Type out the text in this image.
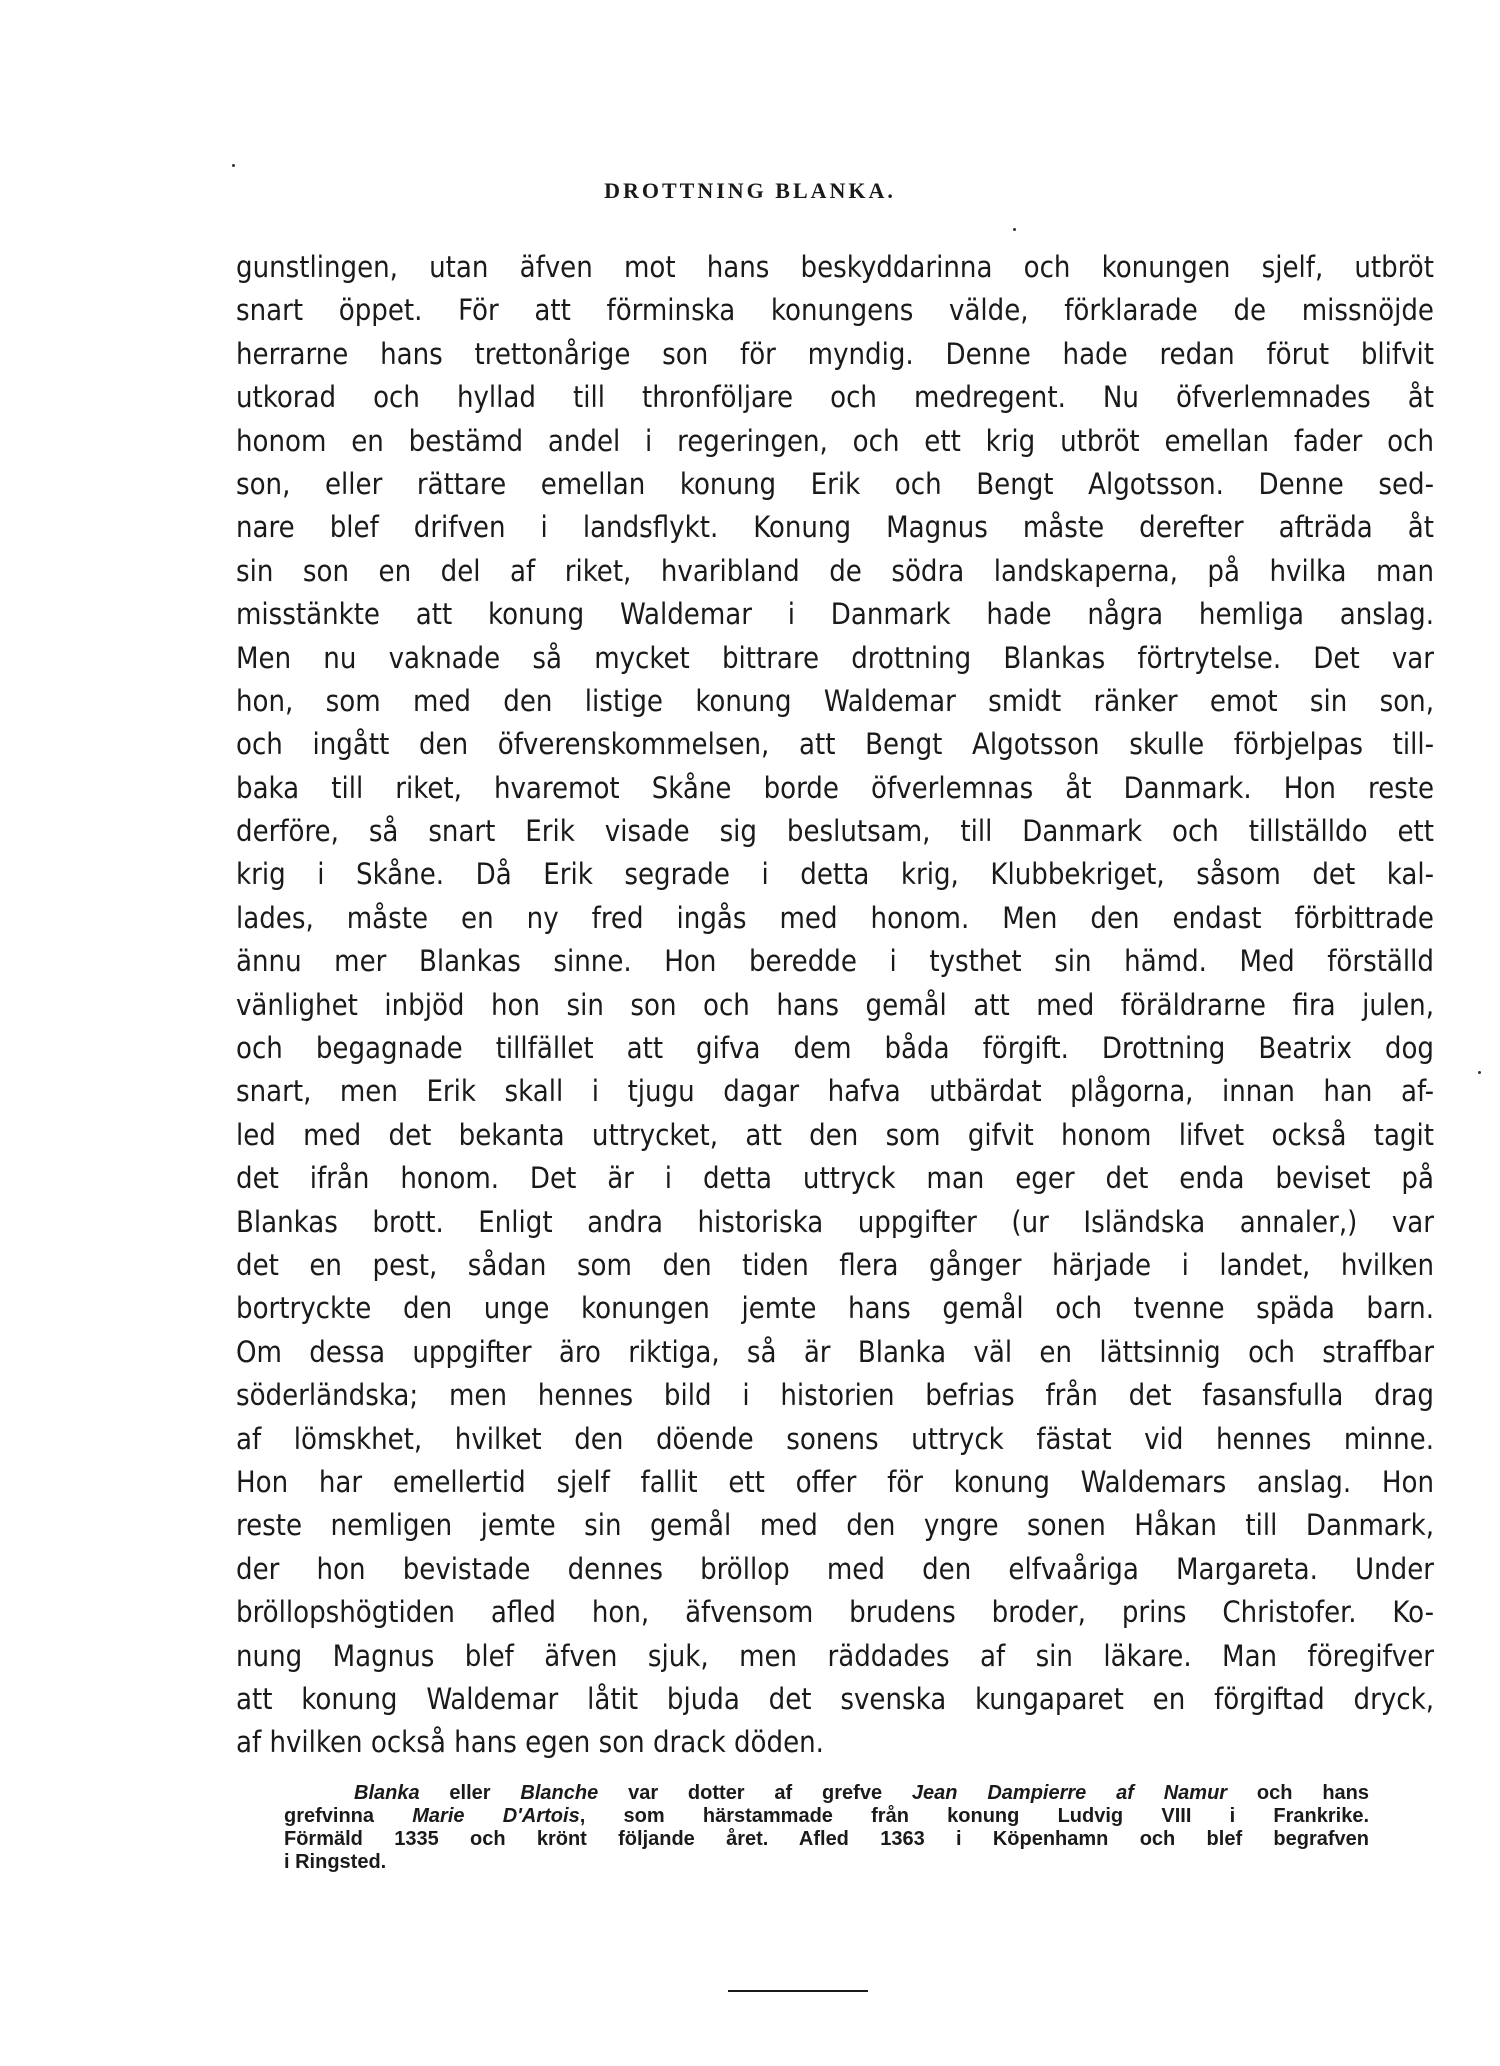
DROTTNING BLANKA.
gunstlingen, utan äfven mot hans beskyddarinna och konungen sjelf, utbröt
snart öppet. För att förminska konungens välde, förklarade de missnöjde
herrarne hans trettonårige son för myndig. Denne hade redan förut blifvit
utkorad och hyllad till thronföljare och medregent. Nu öfverlemnades åt
honom en bestämd andel i regeringen, och ett krig utbröt emellan fader och
son, eller rättare emellan konung Erik och Bengt Algotsson. Denne sed-
nare blef drifven i landsflykt. Konung Magnus måste derefter afträda åt
sin son en del af riket, hvaribland de södra landskaperna, på hvilka man
misstänkte att konung Waldemar i Danmark hade några hemliga anslag.
Men nu vaknade så mycket bittrare drottning Blankas förtrytelse. Det var
hon, som med den listige konung Waldemar smidt ränker emot sin son,
och ingått den öfverenskommelsen, att Bengt Algotsson skulle förbjelpas till-
baka till riket, hvaremot Skåne borde öfverlemnas åt Danmark. Hon reste
derföre, så snart Erik visade sig beslutsam, till Danmark och tillställdo ett
krig i Skåne. Då Erik segrade i detta krig, Klubbekriget, såsom det kal-
lades, måste en ny fred ingås med honom. Men den endast förbittrade
ännu mer Blankas sinne. Hon beredde i tysthet sin hämd. Med förställd
vänlighet inbjöd hon sin son och hans gemål att med föräldrarne fira julen,
och begagnade tillfället att gifva dem båda förgift. Drottning Beatrix dog
snart, men Erik skall i tjugu dagar hafva utbärdat plågorna, innan han af-
led med det bekanta uttrycket, att den som gifvit honom lifvet också tagit
det ifrån honom. Det är i detta uttryck man eger det enda beviset på
Blankas brott. Enligt andra historiska uppgifter (ur Isländska annaler,) var
det en pest, sådan som den tiden flera gånger härjade i landet, hvilken
bortryckte den unge konungen jemte hans gemål och tvenne späda barn.
Om dessa uppgifter äro riktiga, så är Blanka väl en lättsinnig och straffbar
söderländska; men hennes bild i historien befrias från det fasansfulla drag
af lömskhet, hvilket den döende sonens uttryck fästat vid hennes minne.
Hon har emellertid sjelf fallit ett offer för konung Waldemars anslag. Hon
reste nemligen jemte sin gemål med den yngre sonen Håkan till Danmark,
der hon bevistade dennes bröllop med den elfvaåriga Margareta. Under
bröllopshögtiden afled hon, äfvensom brudens broder, prins Christofer. Ko-
nung Magnus blef äfven sjuk, men räddades af sin läkare. Man föregifver
att konung Waldemar låtit bjuda det svenska kungaparet en förgiftad dryck,
af hvilken också hans egen son drack döden.
Blanka eller Blanche var dotter af grefve Jean Dampierre af Namur och hans
grefvinna Marie D'Artois, som härstammade från konung Ludvig VIII i Frankrike.
Förmäld 1335 och krönt följande året. Afled 1363 i Köpenhamn och blef begrafven
i Ringsted.
